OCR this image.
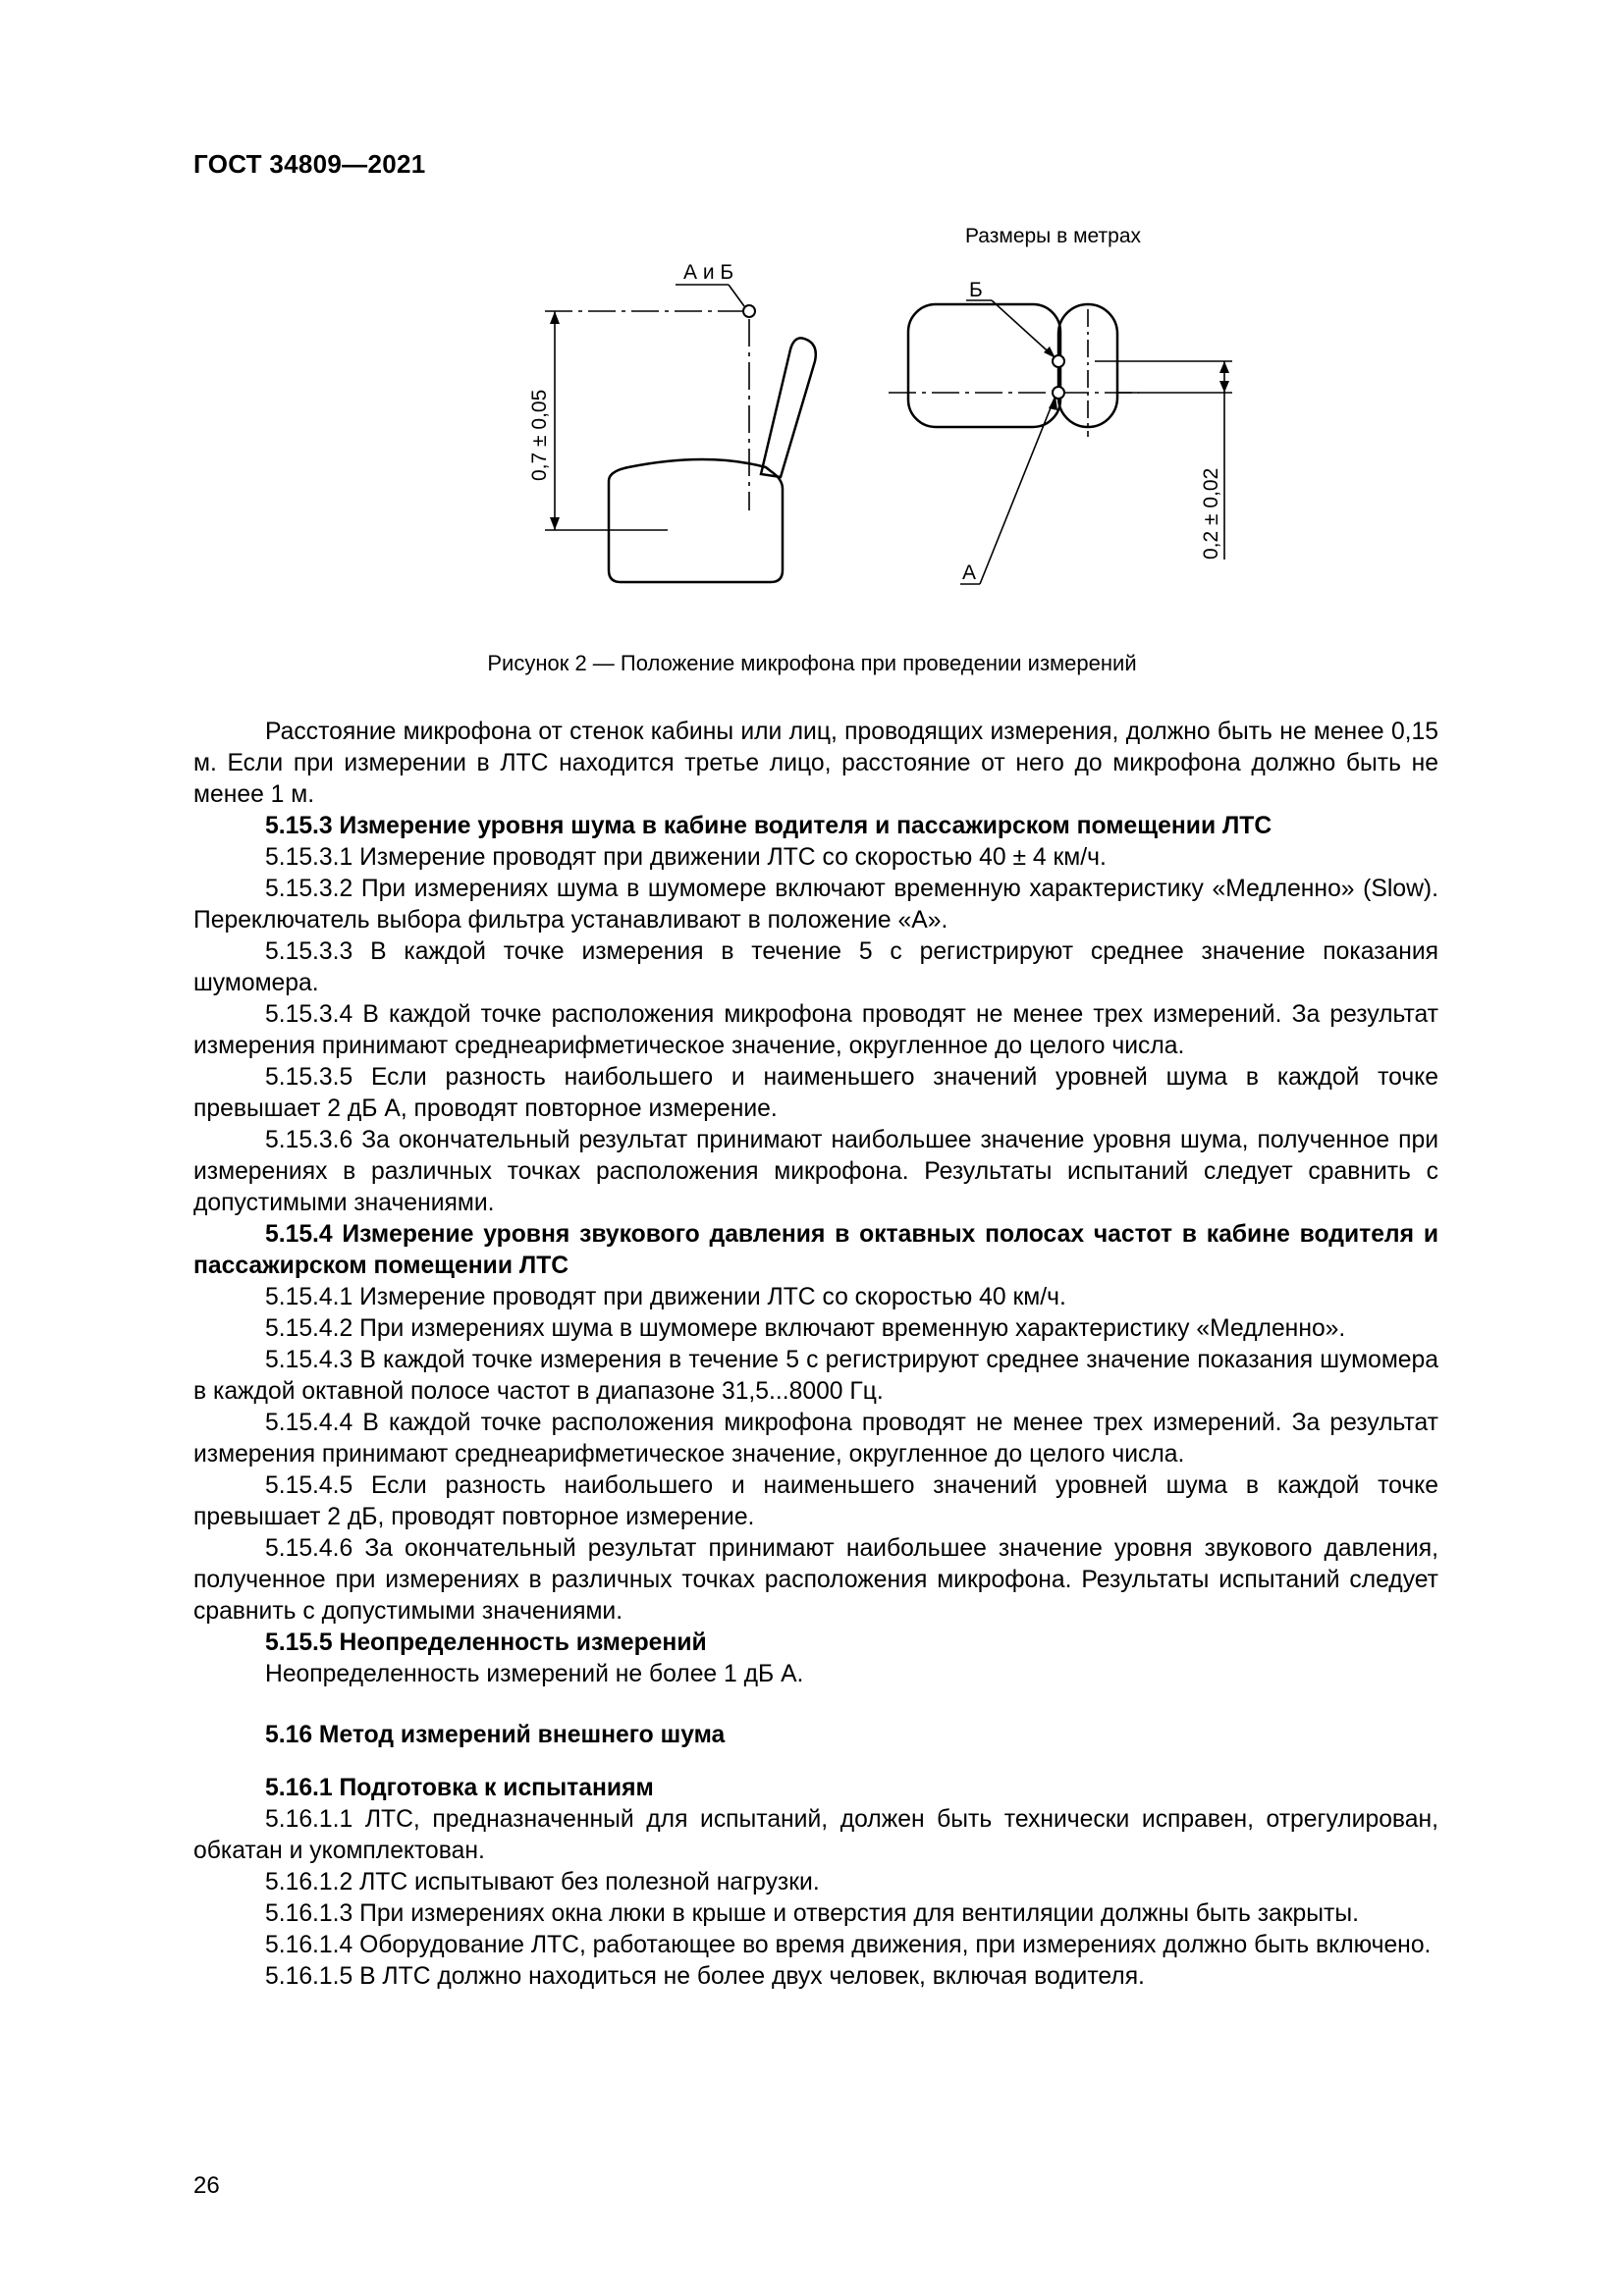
ГОСТ 34809—2021
Размеры в метрах
А и Б
Б
А
0,7 ± 0,05
0,2 ± 0,02
Рисунок 2 — Положение микрофона при проведении измерений

Расстояние микрофона от стенок кабины или лиц, проводящих измерения, должно быть не менее 0,15 м. Если при измерении в ЛТС находится третье лицо, расстояние от него до микрофона должно быть не менее 1 м.

5.15.3 Измерение уровня шума в кабине водителя и пассажирском помещении ЛТС

5.15.3.1 Измерение проводят при движении ЛТС со скоростью 40 ± 4 км/ч.

5.15.3.2 При измерениях шума в шумомере включают временную характеристику «Медленно» (Slow). Переключатель выбора фильтра устанавливают в положение «А».

5.15.3.3 В каждой точке измерения в течение 5 с регистрируют среднее значение показания шумомера.

5.15.3.4 В каждой точке расположения микрофона проводят не менее трех измерений. За результат измерения принимают среднеарифметическое значение, округленное до целого числа.

5.15.3.5 Если разность наибольшего и наименьшего значений уровней шума в каждой точке превышает 2 дБ А, проводят повторное измерение.

5.15.3.6 За окончательный результат принимают наибольшее значение уровня шума, полученное при измерениях в различных точках расположения микрофона. Результаты испытаний следует сравнить с допустимыми значениями.

5.15.4 Измерение уровня звукового давления в октавных полосах частот в кабине водителя и пассажирском помещении ЛТС

5.15.4.1 Измерение проводят при движении ЛТС со скоростью 40 км/ч.

5.15.4.2 При измерениях шума в шумомере включают временную характеристику «Медленно».

5.15.4.3 В каждой точке измерения в течение 5 с регистрируют среднее значение показания шумомера в каждой октавной полосе частот в диапазоне 31,5...8000 Гц.

5.15.4.4 В каждой точке расположения микрофона проводят не менее трех измерений. За результат измерения принимают среднеарифметическое значение, округленное до целого числа.

5.15.4.5 Если разность наибольшего и наименьшего значений уровней шума в каждой точке превышает 2 дБ, проводят повторное измерение.

5.15.4.6 За окончательный результат принимают наибольшее значение уровня звукового давления, полученное при измерениях в различных точках расположения микрофона. Результаты испытаний следует сравнить с допустимыми значениями.

5.15.5 Неопределенность измерений

Неопределенность измерений не более 1 дБ А.

5.16 Метод измерений внешнего шума

5.16.1 Подготовка к испытаниям

5.16.1.1 ЛТС, предназначенный для испытаний, должен быть технически исправен, отрегулирован, обкатан и укомплектован.

5.16.1.2 ЛТС испытывают без полезной нагрузки.

5.16.1.3 При измерениях окна люки в крыше и отверстия для вентиляции должны быть закрыты.

5.16.1.4 Оборудование ЛТС, работающее во время движения, при измерениях должно быть включено.

5.16.1.5 В ЛТС должно находиться не более двух человек, включая водителя.

26
